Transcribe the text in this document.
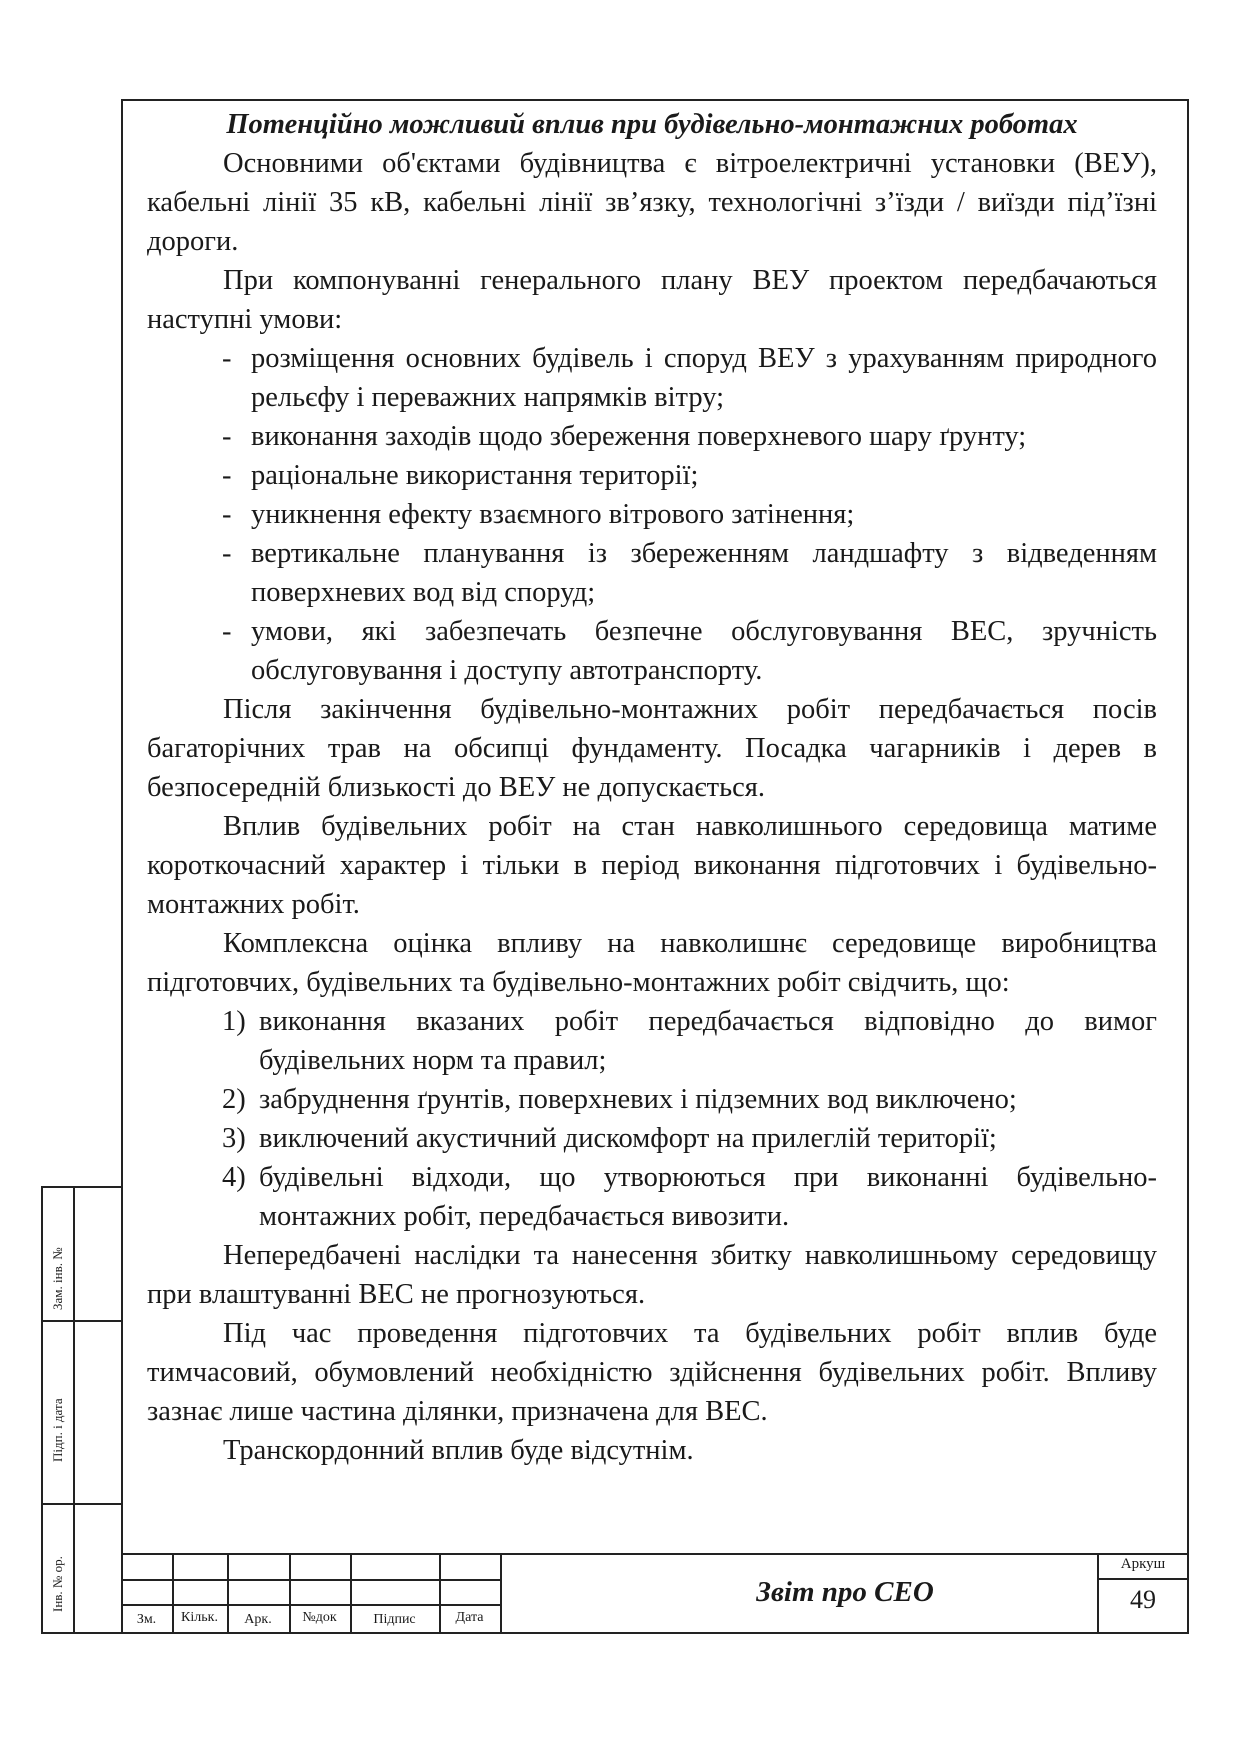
Потенційно можливий вплив при будівельно-монтажних роботах

Основними об'єктами будівництва є вітроелектричні установки (ВЕУ), кабельні лінії 35 кВ, кабельні лінії зв’язку, технологічні з’їзди / виїзди під’їзні дороги.

При компонуванні генерального плану ВЕУ проектом передбачаються наступні умови:

- розміщення основних будівель і споруд ВЕУ з урахуванням природного рельєфу і переважних напрямків вітру;
- виконання заходів щодо збереження поверхневого шару ґрунту;
- раціональне використання території;
- уникнення ефекту взаємного вітрового затінення;
- вертикальне планування із збереженням ландшафту з відведенням поверхневих вод від споруд;
- умови, які забезпечать безпечне обслуговування ВЕС, зручність обслуговування і доступу автотранспорту.

Після закінчення будівельно-монтажних робіт передбачається посів багаторічних трав на обсипці фундаменту. Посадка чагарників і дерев в безпосередній близькості до ВЕУ не допускається.

Вплив будівельних робіт на стан навколишнього середовища матиме короткочасний характер і тільки в період виконання підготовчих і будівельно-монтажних робіт.

Комплексна оцінка впливу на навколишнє середовище виробництва підготовчих, будівельних та будівельно-монтажних робіт свідчить, що:

1) виконання вказаних робіт передбачається відповідно до вимог будівельних норм та правил;
2) забруднення ґрунтів, поверхневих і підземних вод виключено;
3) виключений акустичний дискомфорт на прилеглій території;
4) будівельні відходи, що утворюються при виконанні будівельно-монтажних робіт, передбачається вивозити.

Непередбачені наслідки та нанесення збитку навколишньому середовищу при влаштуванні ВЕС не прогнозуються.

Під час проведення підготовчих та будівельних робіт вплив буде тимчасовий, обумовлений необхідністю здійснення будівельних робіт. Впливу зазнає лише частина ділянки, призначена для ВЕС.

Транскордонний вплив буде відсутнім.

Зам. інв. №
Підп. і дата
Інв. № ор.
Зм.	Кільк.	Арк.	№док	Підпис	Дата
Звіт про СЕО
Аркуш
49
